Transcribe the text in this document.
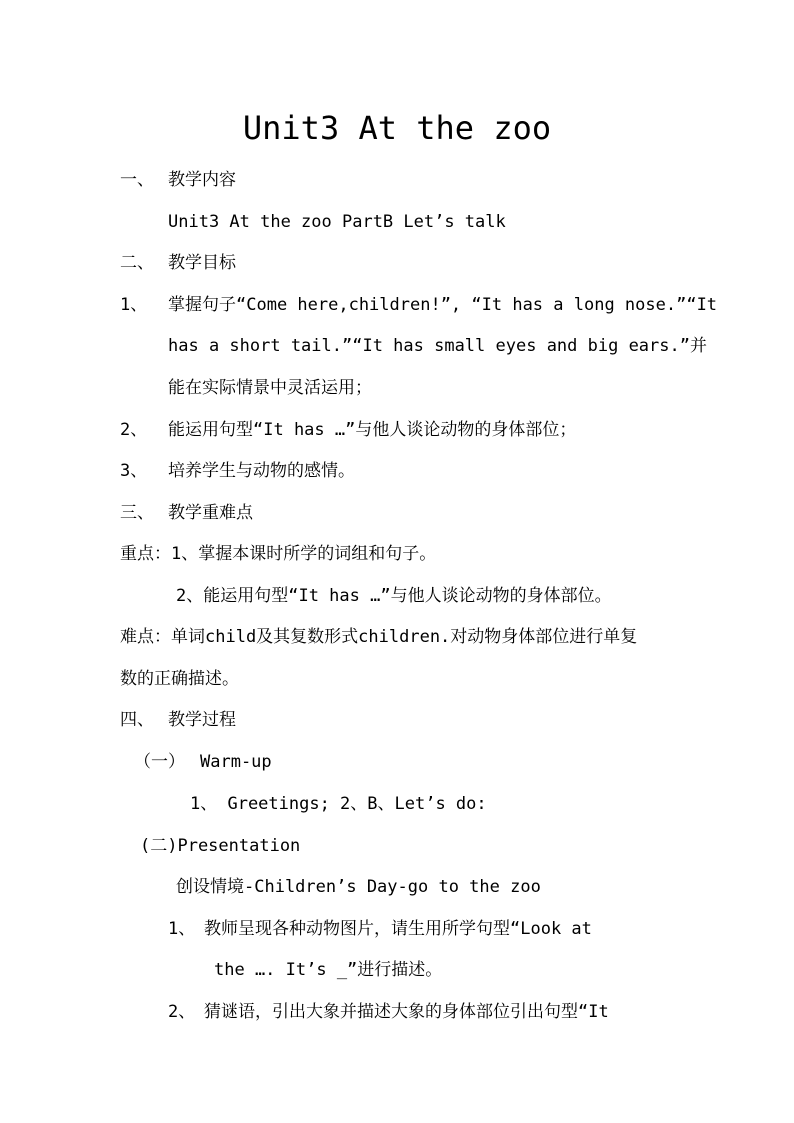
Unit3 At the zoo
一、 教学内容
Unit3 At the zoo PartB Let’s talk
二、 教学目标
1、 掌握句子“Come here,children!”, “It has a long nose.”“It
has a short tail.”“It has small eyes and big ears.”并
能在实际情景中灵活运用；
2、 能运用句型“It has …”与他人谈论动物的身体部位；
3、 培养学生与动物的感情。
三、 教学重难点
重点：1、掌握本课时所学的词组和句子。
2、能运用句型“It has …”与他人谈论动物的身体部位。
难点：单词child及其复数形式children.对动物身体部位进行单复
数的正确描述。
四、 教学过程
（一） Warm-up
1、 Greetings; 2、B、Let’s do:
(二)Presentation
创设情境-Children’s Day-go to the zoo
1、 教师呈现各种动物图片，请生用所学句型“Look at
the …. It’s _”进行描述。
2、 猜谜语，引出大象并描述大象的身体部位引出句型“It
